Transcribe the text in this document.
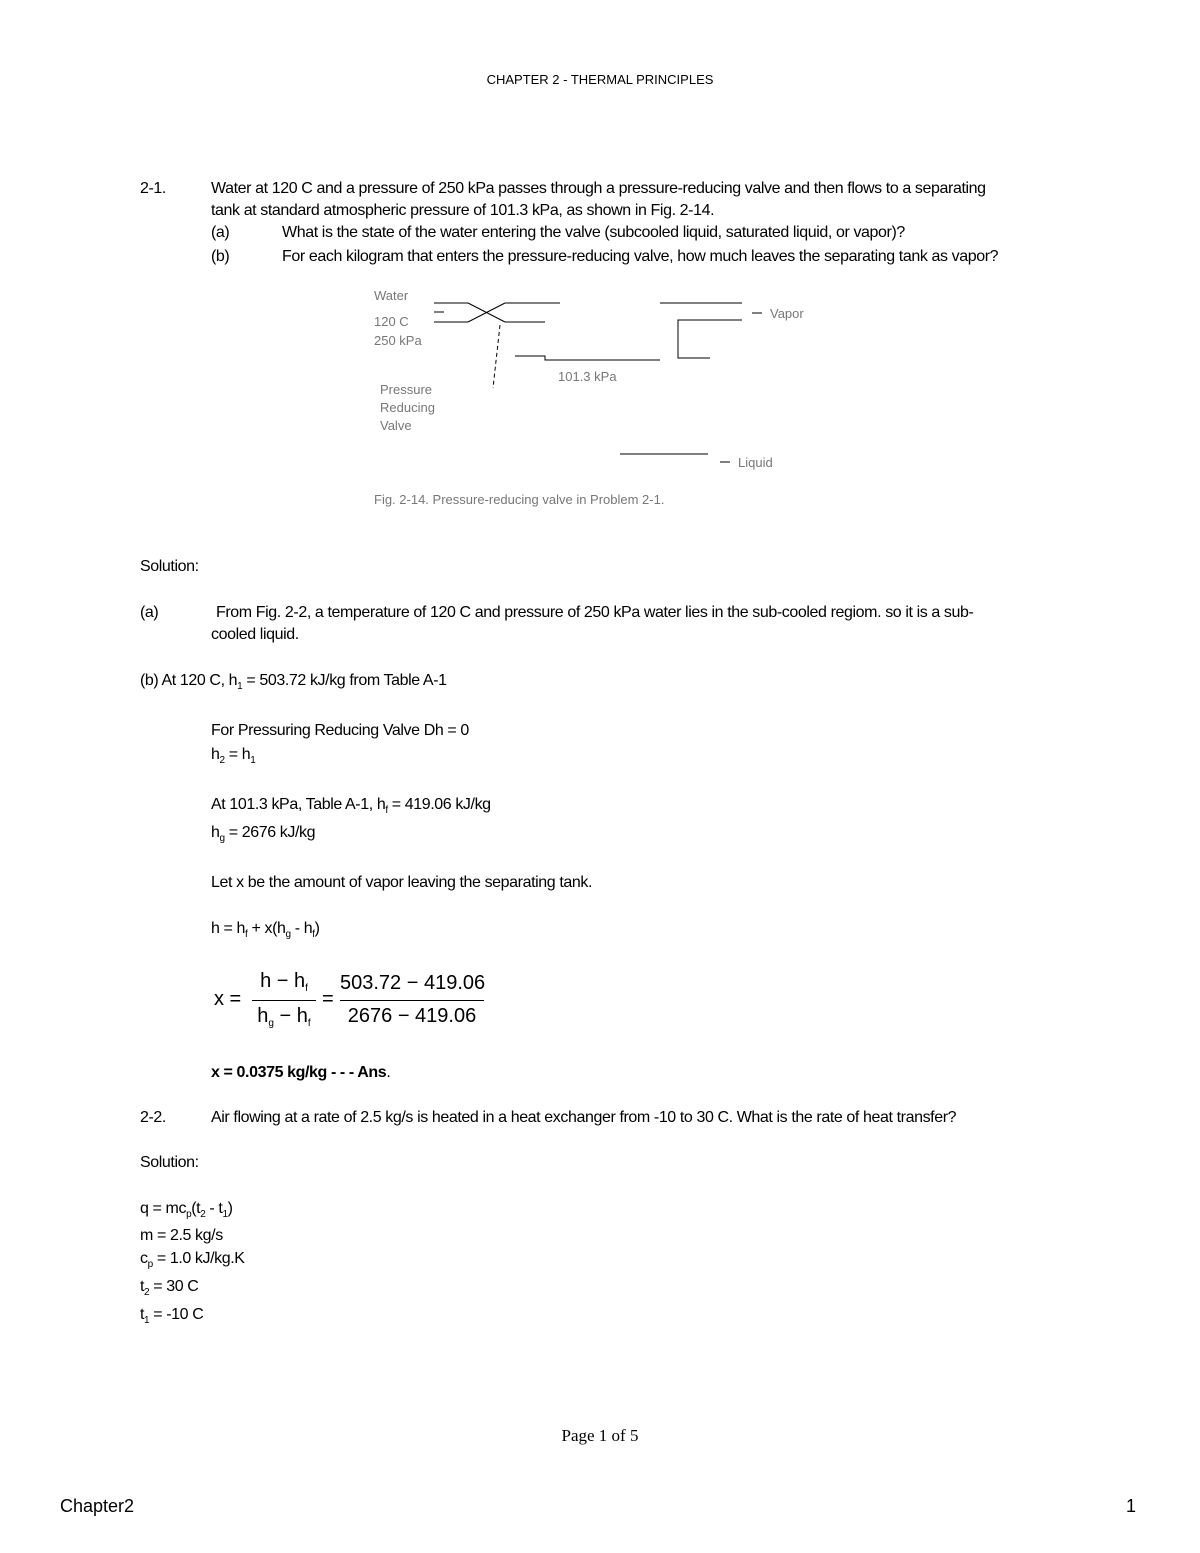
CHAPTER 2 - THERMAL PRINCIPLES
2-1.	Water at 120 C and a pressure of 250 kPa passes through a pressure-reducing valve and then flows to a separating
tank at standard atmospheric pressure of 101.3 kPa, as shown in Fig. 2-14.
(a)	What is the state of the water entering the valve (subcooled liquid, saturated liquid, or vapor)?
(b)	For each kilogram that enters the pressure-reducing valve, how much leaves the separating tank as vapor?
Water
120 C
250 kPa
Pressure
Reducing
Valve
101.3 kPa
Vapor
Liquid
Fig. 2-14. Pressure-reducing valve in Problem 2-1.
Solution:
(a)	From Fig. 2-2, a temperature of 120 C and pressure of 250 kPa water lies in the sub-cooled regiom. so it is a sub-
cooled liquid.
(b) At 120 C, $h_1 = 503.72$ kJ/kg from Table A-1
For Pressuring Reducing Valve Dh = 0
$h_2 = h_1$
At 101.3 kPa, Table A-1, $h_f = 419.06$ kJ/kg
$h_g = 2676$ kJ/kg
Let x be the amount of vapor leaving the separating tank.
$h = h_f + x(h_g - h_f)$
x =
$h - h_f$
$h_g - h_f$
=
503.72 − 419.06
2676 − 419.06
x = 0.0375 kg/kg - - - Ans.
2-2.	Air flowing at a rate of 2.5 kg/s is heated in a heat exchanger from -10 to 30 C. What is the rate of heat transfer?
Solution:
$q = mc_p(t_2 - t_1)$
m = 2.5 kg/s
$c_p = 1.0$ kJ/kg.K
$t_2 = 30$ C
$t_1 = -10$ C
Page 1 of 5
Chapter2	1
